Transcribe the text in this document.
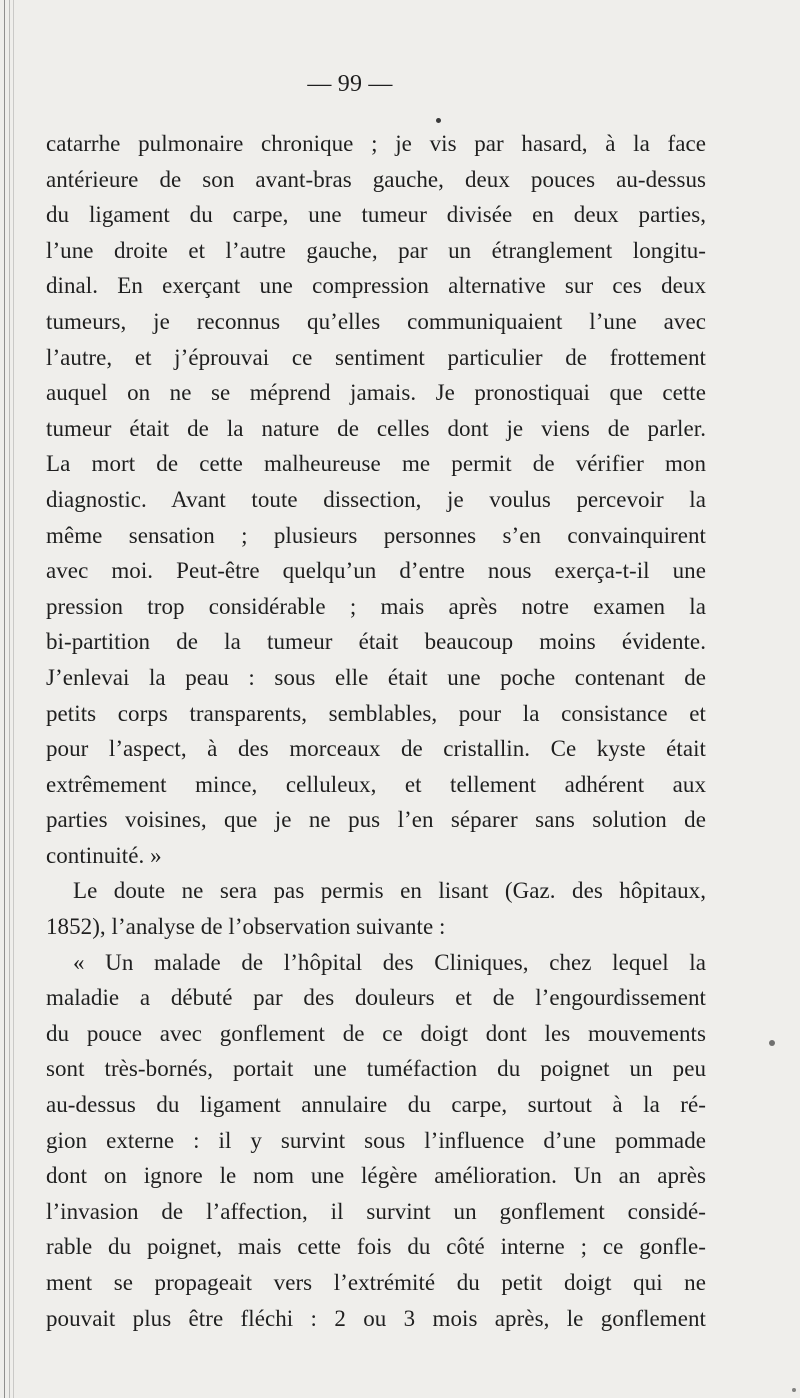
— 99 —
catarrhe pulmonaire chronique ; je vis par hasard, à la face
antérieure de son avant-bras gauche, deux pouces au-dessus
du ligament du carpe, une tumeur divisée en deux parties,
l’une droite et l’autre gauche, par un étranglement longitu-
dinal. En exerçant une compression alternative sur ces deux
tumeurs, je reconnus qu’elles communiquaient l’une avec
l’autre, et j’éprouvai ce sentiment particulier de frottement
auquel on ne se méprend jamais. Je pronostiquai que cette
tumeur était de la nature de celles dont je viens de parler.
La mort de cette malheureuse me permit de vérifier mon
diagnostic. Avant toute dissection, je voulus percevoir la
même sensation ; plusieurs personnes s’en convainquirent
avec moi. Peut-être quelqu’un d’entre nous exerça-t-il une
pression trop considérable ; mais après notre examen la
bi-partition de la tumeur était beaucoup moins évidente.
J’enlevai la peau : sous elle était une poche contenant de
petits corps transparents, semblables, pour la consistance et
pour l’aspect, à des morceaux de cristallin. Ce kyste était
extrêmement mince, celluleux, et tellement adhérent aux
parties voisines, que je ne pus l’en séparer sans solution de
continuité. »
Le doute ne sera pas permis en lisant (Gaz. des hôpitaux,
1852), l’analyse de l’observation suivante :
« Un malade de l’hôpital des Cliniques, chez lequel la
maladie a débuté par des douleurs et de l’engourdissement
du pouce avec gonflement de ce doigt dont les mouvements
sont très-bornés, portait une tuméfaction du poignet un peu
au-dessus du ligament annulaire du carpe, surtout à la ré-
gion externe : il y survint sous l’influence d’une pommade
dont on ignore le nom une légère amélioration. Un an après
l’invasion de l’affection, il survint un gonflement considé-
rable du poignet, mais cette fois du côté interne ; ce gonfle-
ment se propageait vers l’extrémité du petit doigt qui ne
pouvait plus être fléchi : 2 ou 3 mois après, le gonflement
